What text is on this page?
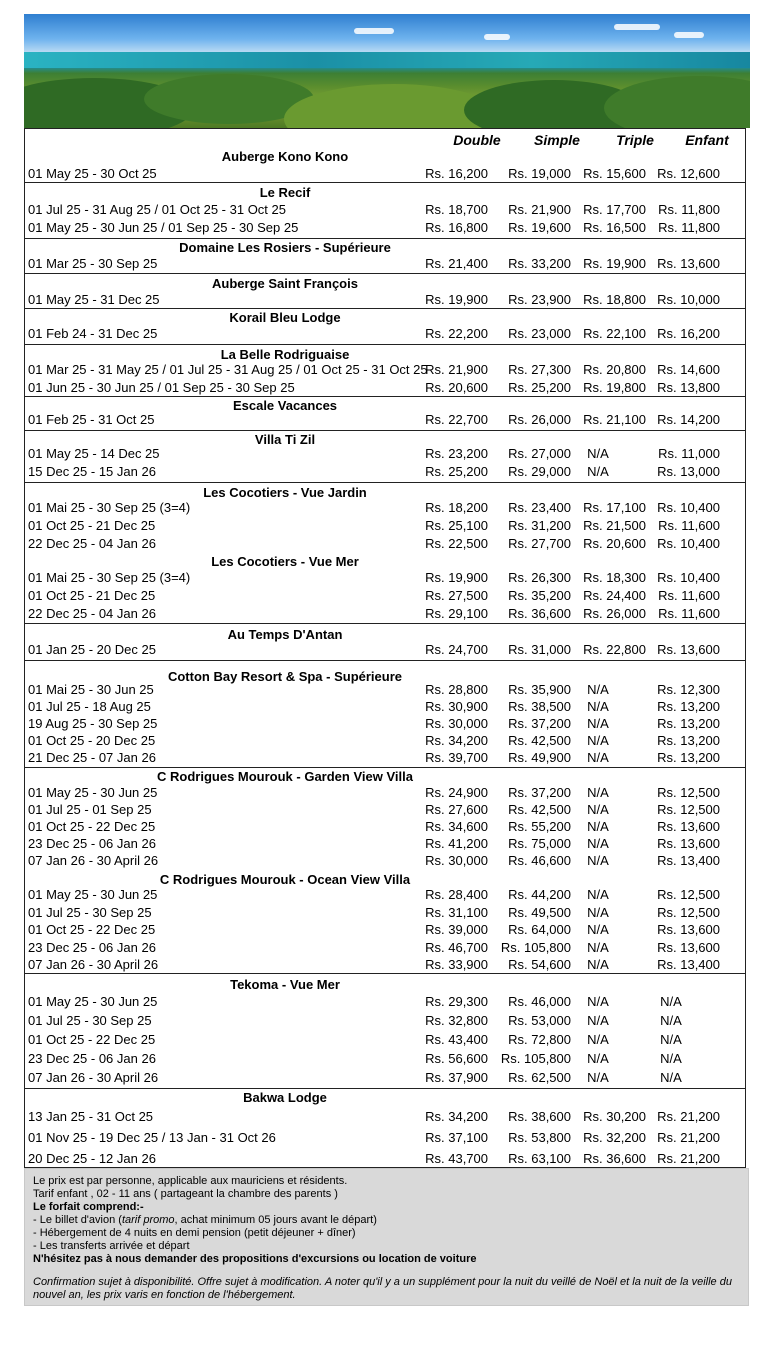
Double	Simple	Triple	Enfant
Auberge Kono Kono
01 May 25 - 30 Oct 25	Rs. 16,200	Rs. 19,000 Rs. 15,600 Rs. 12,600
Le Recif
01 Jul 25 - 31 Aug 25 / 01 Oct 25 - 31 Oct 25	Rs. 18,700	Rs. 21,900 Rs. 17,700 Rs. 11,800
01 May 25 - 30 Jun 25 / 01 Sep 25 - 30 Sep 25	Rs. 16,800	Rs. 19,600 Rs. 16,500 Rs. 11,800
Domaine Les Rosiers - Supérieure
01 Mar 25 - 30 Sep 25	Rs. 21,400	Rs. 33,200 Rs. 19,900 Rs. 13,600
Auberge Saint François
01 May 25 - 31 Dec 25	Rs. 19,900	Rs. 23,900 Rs. 18,800 Rs. 10,000
Korail Bleu Lodge
01 Feb 24 - 31 Dec 25	Rs. 22,200	Rs. 23,000 Rs. 22,100 Rs. 16,200
La Belle Rodriguaise
01 Mar 25 - 31 May 25 / 01 Jul 25 - 31 Aug 25 / 01 Oct 25 - 31 Oct 25
Rs. 21,900	Rs. 27,300 Rs. 20,800 Rs. 14,600
01 Jun 25 - 30 Jun 25 / 01 Sep 25 - 30 Sep 25	Rs. 20,600	Rs. 25,200 Rs. 19,800 Rs. 13,800
Escale Vacances
01 Feb 25 - 31 Oct 25	Rs. 22,700	Rs. 26,000 Rs. 21,100 Rs. 14,200
Villa Ti Zil
01 May 25 - 14 Dec 25	Rs. 23,200	Rs. 27,000	N/A	Rs. 11,000
15 Dec 25 - 15 Jan 26	Rs. 25,200	Rs. 29,000	N/A	Rs. 13,000
Les Cocotiers - Vue Jardin
01 Mai 25 - 30 Sep 25 (3=4)	Rs. 18,200	Rs. 23,400 Rs. 17,100 Rs. 10,400
01 Oct 25 - 21 Dec 25	Rs. 25,100	Rs. 31,200 Rs. 21,500 Rs. 11,600
22 Dec 25 - 04 Jan 26	Rs. 22,500	Rs. 27,700 Rs. 20,600 Rs. 10,400
Les Cocotiers - Vue Mer
01 Mai 25 - 30 Sep 25 (3=4)	Rs. 19,900	Rs. 26,300 Rs. 18,300 Rs. 10,400
01 Oct 25 - 21 Dec 25	Rs. 27,500	Rs. 35,200 Rs. 24,400 Rs. 11,600
22 Dec 25 - 04 Jan 26	Rs. 29,100	Rs. 36,600 Rs. 26,000 Rs. 11,600
Au Temps D'Antan
01 Jan 25 - 20 Dec 25	Rs. 24,700	Rs. 31,000 Rs. 22,800 Rs. 13,600
Cotton Bay Resort & Spa - Supérieure
01 Mai 25 - 30 Jun 25	Rs. 28,800	Rs. 35,900	N/A	Rs. 12,300
01 Jul 25 - 18 Aug 25	Rs. 30,900	Rs. 38,500	N/A	Rs. 13,200
19 Aug 25 - 30 Sep 25	Rs. 30,000	Rs. 37,200	N/A	Rs. 13,200
01 Oct 25 - 20 Dec 25	Rs. 34,200	Rs. 42,500	N/A	Rs. 13,200
21 Dec 25 - 07 Jan 26	Rs. 39,700	Rs. 49,900	N/A	Rs. 13,200
C Rodrigues Mourouk - Garden View Villa
01 May 25 - 30 Jun 25	Rs. 24,900	Rs. 37,200	N/A	Rs. 12,500
01 Jul 25 - 01 Sep 25	Rs. 27,600	Rs. 42,500	N/A	Rs. 12,500
01 Oct 25 - 22 Dec 25	Rs. 34,600	Rs. 55,200	N/A	Rs. 13,600
23 Dec 25 - 06 Jan 26	Rs. 41,200	Rs. 75,000	N/A	Rs. 13,600
07 Jan 26 - 30 April 26	Rs. 30,000	Rs. 46,600	N/A	Rs. 13,400
C Rodrigues Mourouk - Ocean View Villa
01 May 25 - 30 Jun 25	Rs. 28,400	Rs. 44,200	N/A	Rs. 12,500
01 Jul 25 - 30 Sep 25	Rs. 31,100	Rs. 49,500	N/A	Rs. 12,500
01 Oct 25 - 22 Dec 25	Rs. 39,000	Rs. 64,000	N/A	Rs. 13,600
23 Dec 25 - 06 Jan 26	Rs. 46,700 Rs. 105,800	N/A	Rs. 13,600
07 Jan 26 - 30 April 26	Rs. 33,900	Rs. 54,600	N/A	Rs. 13,400
Tekoma - Vue Mer
01 May 25 - 30 Jun 25	Rs. 29,300	Rs. 46,000	N/A	N/A
01 Jul 25 - 30 Sep 25	Rs. 32,800	Rs. 53,000	N/A	N/A
01 Oct 25 - 22 Dec 25	Rs. 43,400	Rs. 72,800	N/A	N/A
23 Dec 25 - 06 Jan 26	Rs. 56,600 Rs. 105,800	N/A	N/A
07 Jan 26 - 30 April 26	Rs. 37,900	Rs. 62,500	N/A	N/A
Bakwa Lodge
13 Jan 25 - 31 Oct 25	Rs. 34,200	Rs. 38,600 Rs. 30,200 Rs. 21,200
01 Nov 25 - 19 Dec 25 / 13 Jan - 31 Oct 26	Rs. 37,100	Rs. 53,800 Rs. 32,200 Rs. 21,200
20 Dec 25 - 12 Jan 26	Rs. 43,700	Rs. 63,100 Rs. 36,600 Rs. 21,200

Le prix est par personne, applicable aux mauriciens et résidents.

Tarif enfant , 02 - 11 ans ( partageant la chambre des parents )

Le forfait comprend:-

- Le billet d'avion (tarif promo, achat minimum 05 jours avant le départ)

- Hébergement de 4 nuits en demi pension (petit déjeuner + dîner)

- Les transferts arrivée et départ

N'hésitez pas à nous demander des propositions d'excursions ou location de voiture

Confirmation sujet à disponibilité. Offre sujet à modification. A noter qu'il y a un supplément pour la nuit du veillé de Noël et la nuit de la veille du nouvel an, les prix varis en fonction de l'hébergement.
